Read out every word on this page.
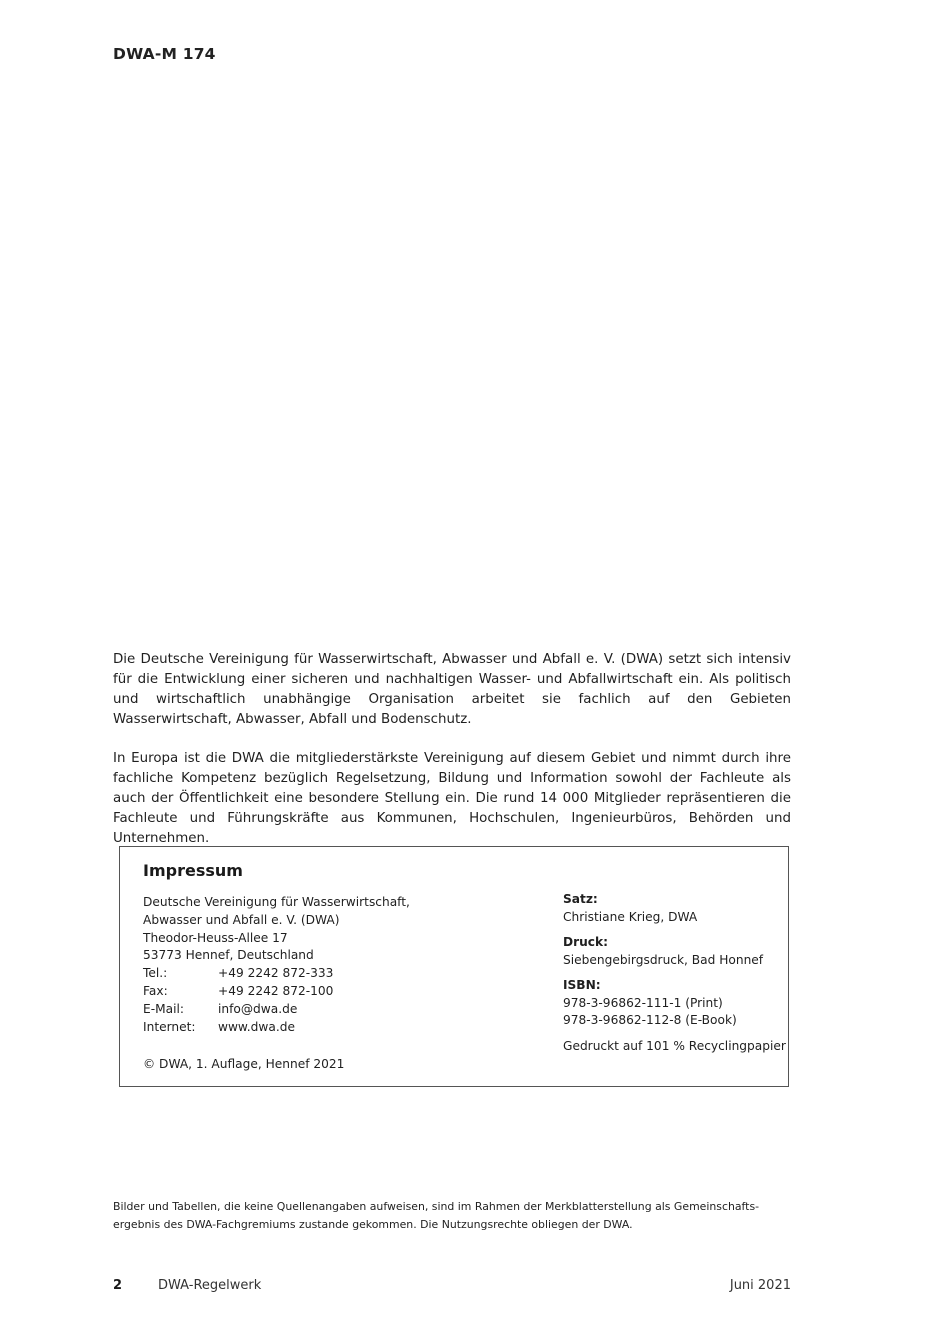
DWA-M 174

Die Deutsche Vereinigung für Wasserwirtschaft, Abwasser und Abfall e. V. (DWA) setzt sich intensiv für die Entwicklung einer sicheren und nachhaltigen Wasser- und Abfallwirtschaft ein. Als politisch und wirtschaftlich unabhängige Organisation arbeitet sie fachlich auf den Gebieten Wasserwirtschaft, Abwasser, Abfall und Bodenschutz.

In Europa ist die DWA die mitgliederstärkste Vereinigung auf diesem Gebiet und nimmt durch ihre fachliche Kompetenz bezüglich Regelsetzung, Bildung und Information sowohl der Fachleute als auch der Öffentlichkeit eine besondere Stellung ein. Die rund 14 000 Mitglieder repräsentieren die Fachleute und Führungskräfte aus Kommunen, Hochschulen, Ingenieurbüros, Behörden und Unternehmen.

Impressum
Deutsche Vereinigung für Wasserwirtschaft,
Abwasser und Abfall e. V. (DWA)
Theodor-Heuss-Allee 17
53773 Hennef, Deutschland
Tel.:	+49 2242 872-333
Fax:	+49 2242 872-100
E-Mail:	info@dwa.de
Internet:	www.dwa.de
© DWA, 1. Auflage, Hennef 2021
Satz:
Christiane Krieg, DWA
Druck:
Siebengebirgsdruck, Bad Honnef
ISBN:
978-3-96862-111-1 (Print)
978-3-96862-112-8 (E-Book)
Gedruckt auf 101 % Recyclingpapier
Bilder und Tabellen, die keine Quellenangaben aufweisen, sind im Rahmen der Merkblatterstellung als Gemeinschaftsergebnis des DWA-Fachgremiums zustande gekommen. Die Nutzungsrechte obliegen der DWA.
2	DWA-Regelwerk	Juni 2021
